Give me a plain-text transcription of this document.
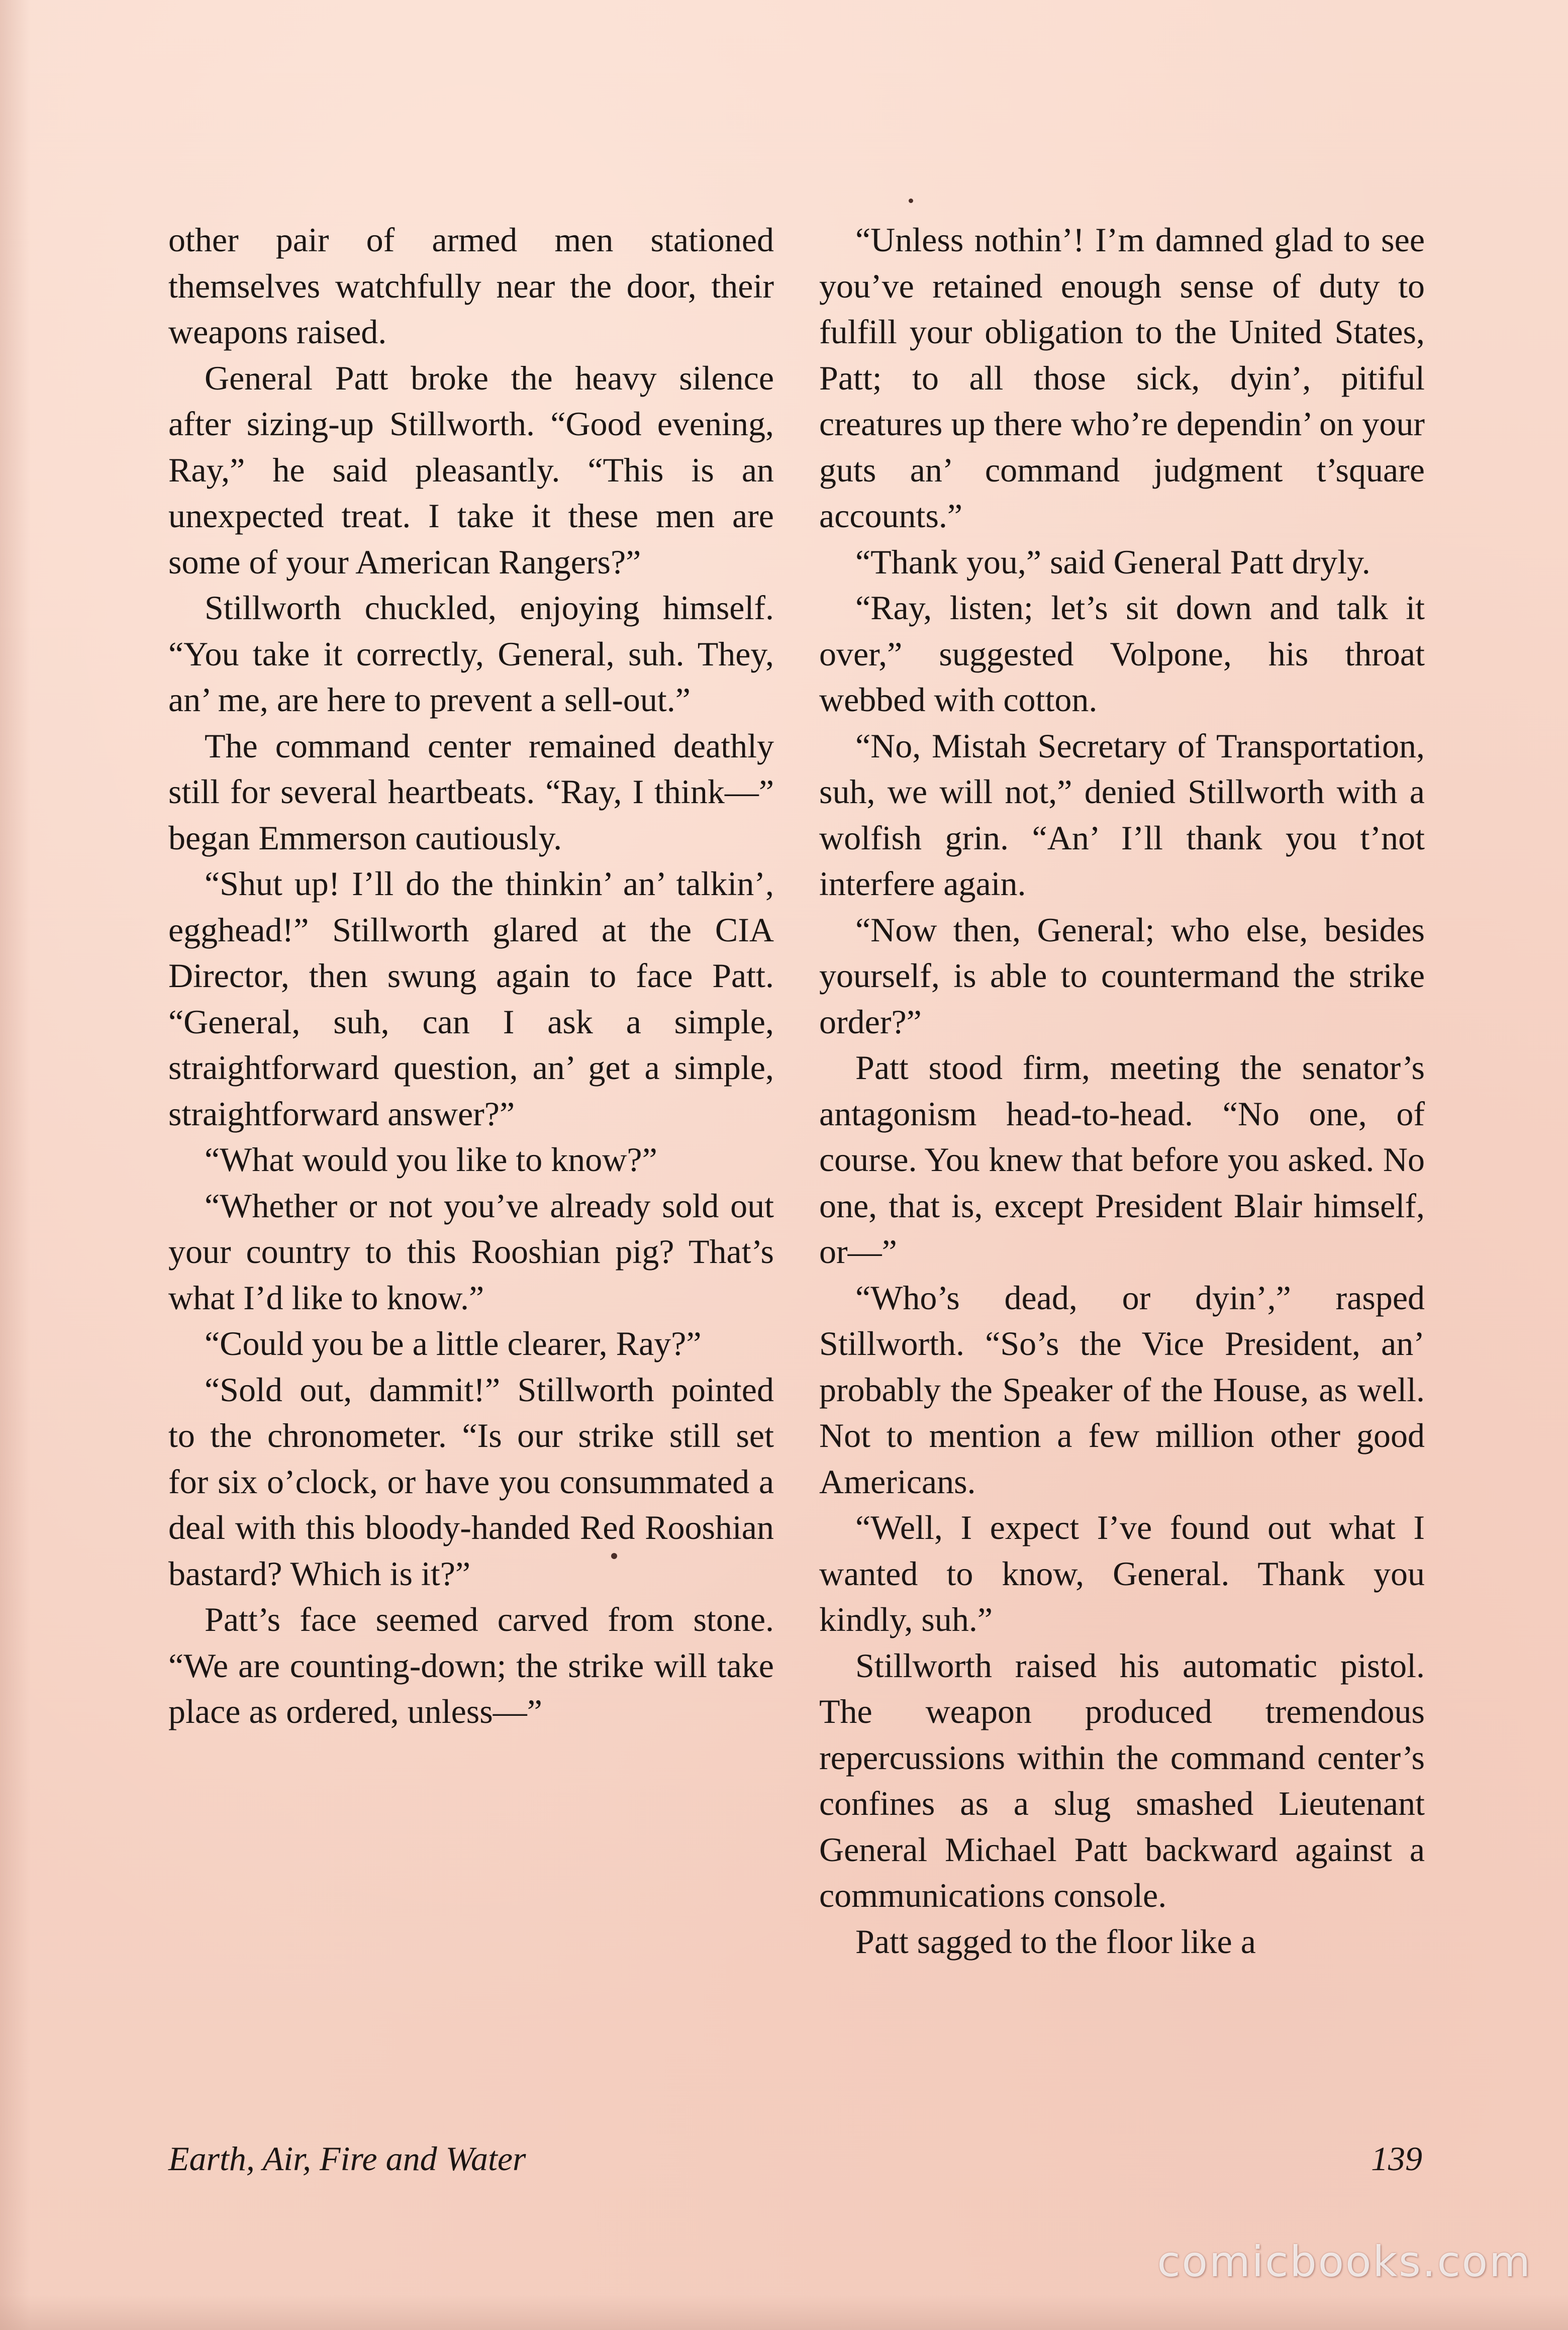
other pair of armed men stationed themselves watchfully near the door, their weapons raised.

General Patt broke the heavy silence after sizing-up Stillworth. “Good evening, Ray,” he said pleasantly. “This is an unexpected treat. I take it these men are some of your American Rangers?”

Stillworth chuckled, enjoying himself. “You take it correctly, General, suh. They, an’ me, are here to prevent a sell-out.”

The command center remained deathly still for several heartbeats. “Ray, I think—” began Emmerson cautiously.

“Shut up! I’ll do the thinkin’ an’ talkin’, egghead!” Stillworth glared at the CIA Director, then swung again to face Patt. “General, suh, can I ask a simple, straightforward question, an’ get a simple, straightforward answer?”

“What would you like to know?”

“Whether or not you’ve already sold out your country to this Rooshian pig? That’s what I’d like to know.”

“Could you be a little clearer, Ray?”

“Sold out, dammit!” Stillworth pointed to the chronometer. “Is our strike still set for six o’clock, or have you consummated a deal with this bloody-handed Red Rooshian bastard? Which is it?”

Patt’s face seemed carved from stone. “We are counting-down; the strike will take place as ordered, unless—”

“Unless nothin’! I’m damned glad to see you’ve retained enough sense of duty to fulfill your obligation to the United States, Patt; to all those sick, dyin’, pitiful creatures up there who’re dependin’ on your guts an’ command judgment t’square accounts.”

“Thank you,” said General Patt dryly.

“Ray, listen; let’s sit down and talk it over,” suggested Volpone, his throat webbed with cotton.

“No, Mistah Secretary of Transportation, suh, we will not,” denied Stillworth with a wolfish grin. “An’ I’ll thank you t’not interfere again.

“Now then, General; who else, besides yourself, is able to countermand the strike order?”

Patt stood firm, meeting the senator’s antagonism head-to-head. “No one, of course. You knew that before you asked. No one, that is, except President Blair himself, or—”

“Who’s dead, or dyin’,” rasped Stillworth. “So’s the Vice President, an’ probably the Speaker of the House, as well. Not to mention a few million other good Americans.

“Well, I expect I’ve found out what I wanted to know, General. Thank you kindly, suh.”

Stillworth raised his automatic pistol. The weapon produced tremendous repercussions within the command center’s confines as a slug smashed Lieutenant General Michael Patt backward against a communications console.

Patt sagged to the floor like a

Earth, Air, Fire and Water	139
comicbooks.com
